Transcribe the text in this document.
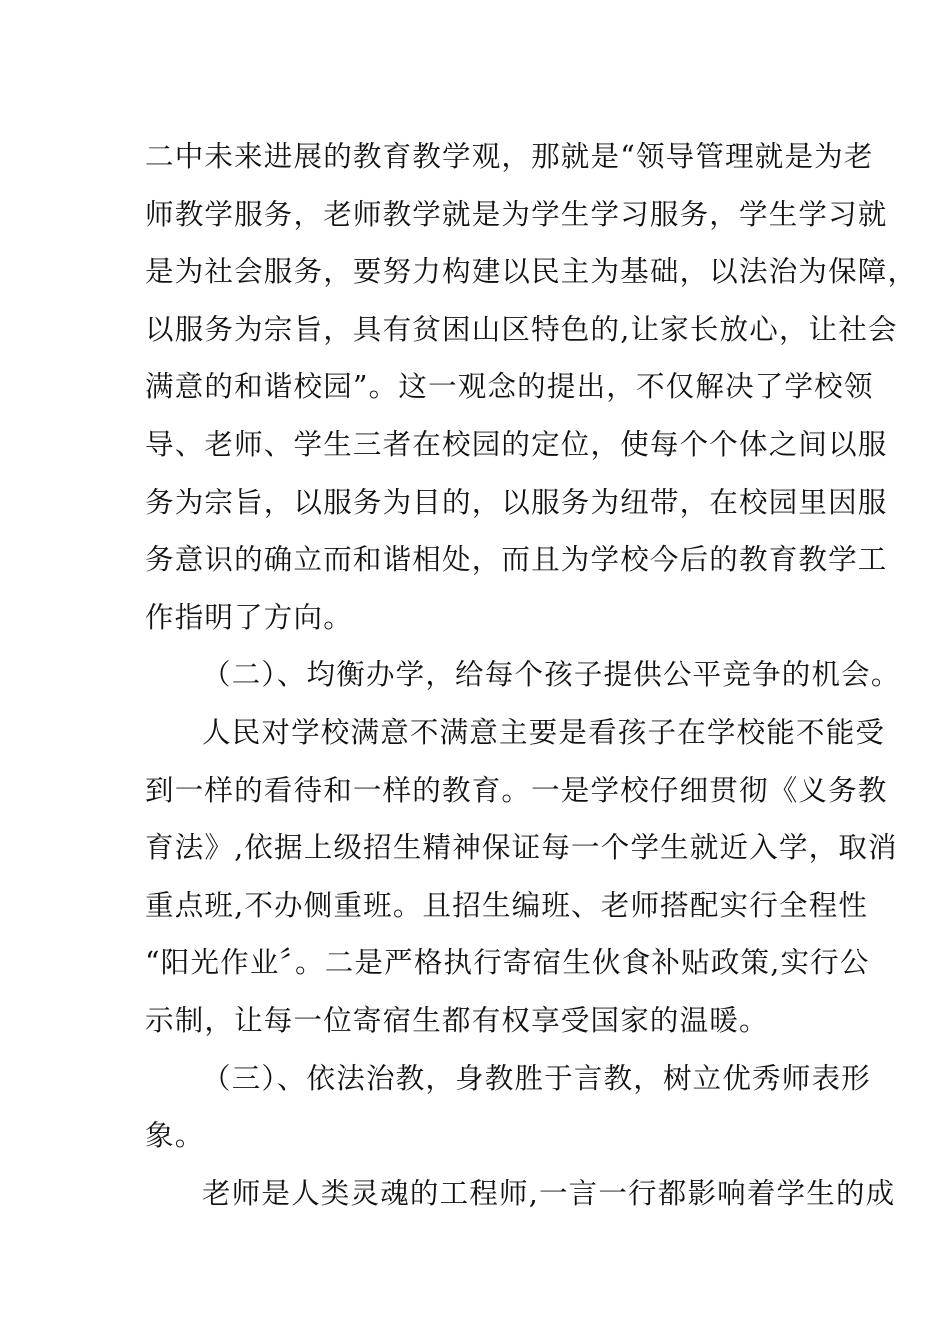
二中未来进展的教育教学观，那就是“领导管理就是为老
师教学服务，老师教学就是为学生学习服务，学生学习就
是为社会服务，要努力构建以民主为基础，以法治为保障，
以服务为宗旨，具有贫困山区特色的,让家长放心，让社会
满意的和谐校园”。这一观念的提出，不仅解决了学校领
导、老师、学生三者在校园的定位，使每个个体之间以服
务为宗旨，以服务为目的，以服务为纽带，在校园里因服
务意识的确立而和谐相处，而且为学校今后的教育教学工
作指明了方向。
（二）、均衡办学，给每个孩子提供公平竞争的机会。
人民对学校满意不满意主要是看孩子在学校能不能受
到一样的看待和一样的教育。一是学校仔细贯彻《义务教
育法》,依据上级招生精神保证每一个学生就近入学，取消
重点班,不办侧重班。且招生编班、老师搭配实行全程性
“阳光作业〞。二是严格执行寄宿生伙食补贴政策,实行公
示制，让每一位寄宿生都有权享受国家的温暖。
（三）、依法治教，身教胜于言教，树立优秀师表形
象。
老师是人类灵魂的工程师,一言一行都影响着学生的成
